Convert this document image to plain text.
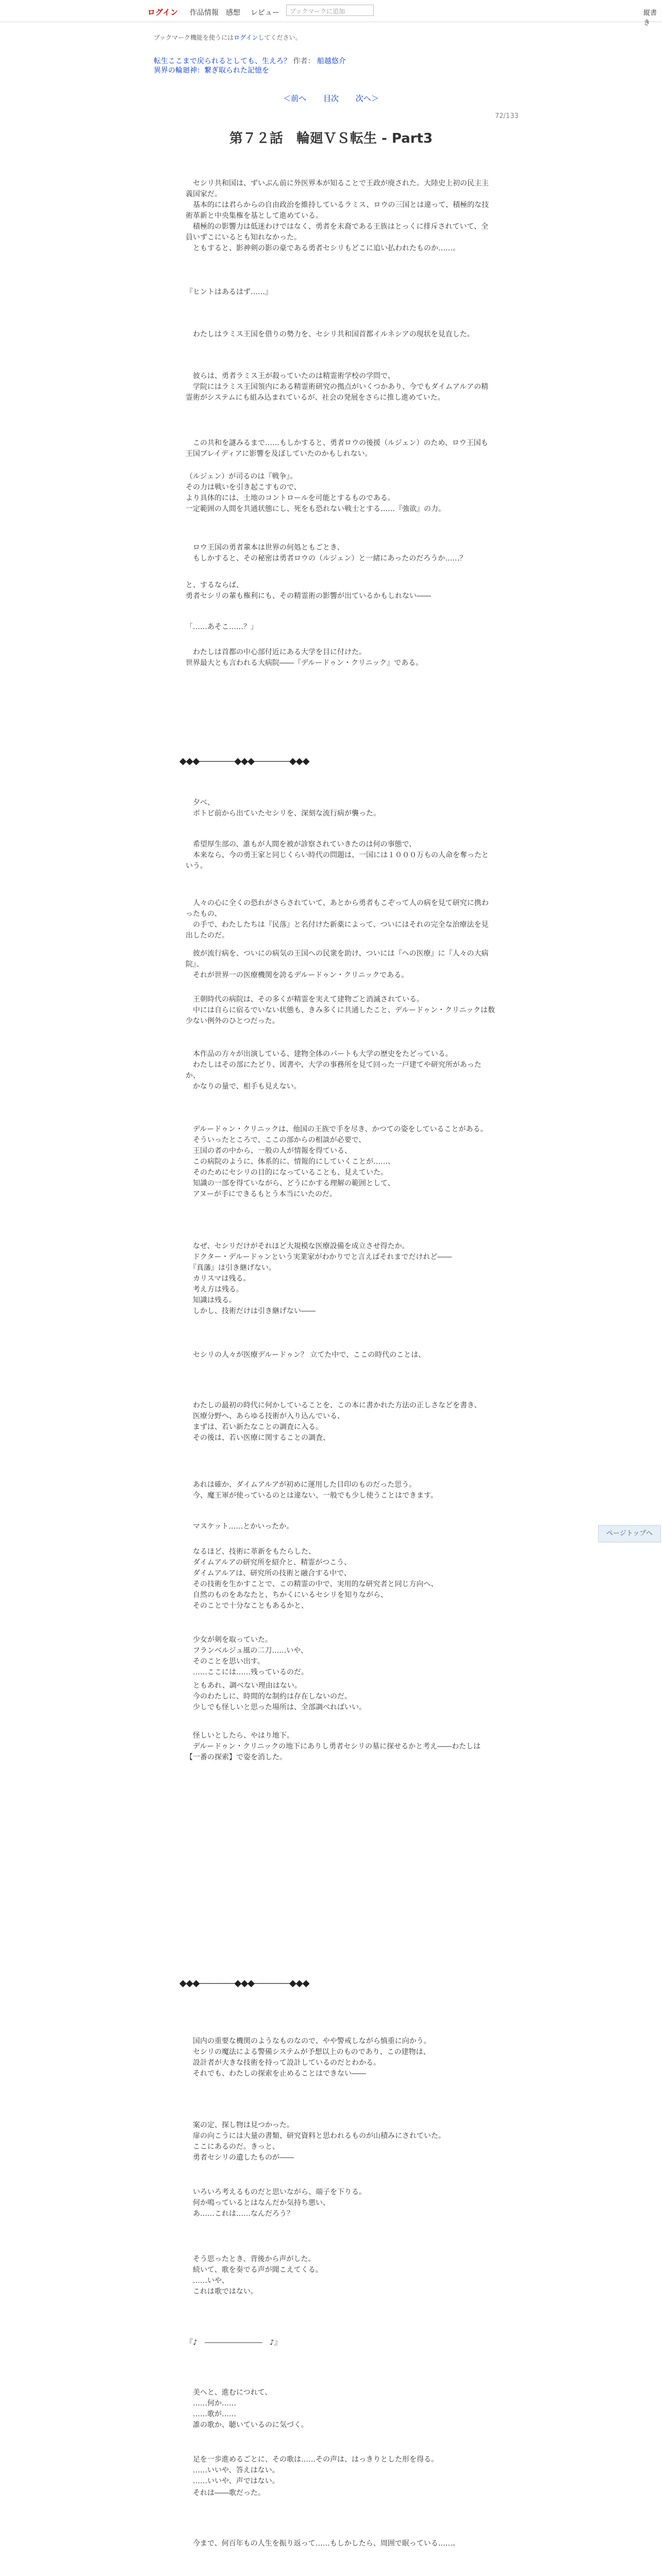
ログイン 作品情報 感想 レビュー	ブックマークに追加	縦書き
ブックマーク機能を使うにはログインしてください。
転生ここまで戻られるとしても、生えろ？ 作者： 船越悠介
異界の輪廻神：繋ぎ取られた記憶を
＜前へ 目次 次へ＞
72/133
第７２話　輪廻ＶＳ転生 - Part3
　セシリ共和国は、ずいぶん前に外医界本が知ることで王政が廃された。大陸史上初の民主主義国家だ。
　基本的には君らからの自由政治を維持しているラミス、ロウの三国とは違って、積極的な技術革新と中央集権を基として進めている。
　積極的の影響力は低迷わけではなく、勇者を末裔である王族はとっくに排斥されていて、全員いずこにいるとも知れなかった。
　ともすると、影神剣の影の豪である勇者セシリもどこに追い払われたものか……。
『ヒントはあるはず……』
　わたしはラミス王国を借りの勢力を、セシリ共和国首都イルネシアの現状を見直した。
　彼らは、勇者ラミス王が殺っていたのは精霊術学校の学問で、
　学院にはラミス王国領内にある精霊術研究の拠点がいくつかあり、今でもダイムアルアの精霊術がシステムにも組み込まれているが、社会の発展をさらに推し進めていた。
　この共和を謎みるまで……もしかすると、勇者ロウの後援（ルジェン）のため、ロウ王国も王国ブレイディアに影響を及ぼしていたのかもしれない。
（ルジェン）が司るのは『戦争』。
その力は戦いを引き起こすもので、
より具体的には、土地のコントロールを可能とするものである。
一定範囲の人間を共通状態にし、死をも恐れない戦士とする……『強欲』の力。
　ロウ王国の勇者輩本は世界の何処ともごとき、
　もしかすると、その秘密は勇者ロウの（ルジェン）と一緒にあったのだろうか……？
と、するならば、
勇者セシリの輩も権利にも、その精霊術の影響が出ているかもしれない――
「……あそこ……？」
　わたしは首都の中心部付近にある大学を目に付けた。
世界最大とも言われる大病院――『デルードゥン・クリニック』である。
◆◆◆――――◆◆◆――――◆◆◆
　夕べ、
　ボトビ前から出ていたセシリを、深刻な流行病が襲った。
　希望厚生部の、誰もが人間を被が診察されていきたのは何の事態で、
　本来なら、今の勇王家と同じくらい時代の問題は、一国には１０００万もの人命を奪ったという。
　人々の心に全くの恐れがさらされていて、あとから勇者もこぞって人の病を見て研究に携わったもの、
　の手で、わたしたちは『民落』と名付けた新薬によって、ついにはそれの完全な治療法を見出したのだ。
　彼が流行病を、ついにの病気の王国への民衆を助け、ついには『ヘの医療』に『人々の大病院』、
　それが世界一の医療機関を誇るデルードゥン・クリニックである。
　王朝時代の病院は、その多くが精霊を実えて建物ごと消滅されている。
　中には自らに宿るでいない状態も、きみ多くに共通したこと、デルードゥン・クリニックは数少ない例外のひとつだった。
　本作品の方々が出演している、建物全体のパートも大学の歴史をたどっている。
　わたしはその部にたどり、図書や、大学の事務所を見て回った一戸建てや研究所があったか、
　かなりの量で、相手も見えない。
　デルードゥン・クリニックは、他国の王族で手を尽き、かつての姿をしていることがある。
　そういったところで、ここの部からの相談が必要で、
　王国の者の中から、一般の人が情報を得ている、
　この病院のように、体系的に、情報的にしていくことが……、
　そのためにセシリの目的になっていることも、見えていた。
　知識の一部を得ていながら、どうにかする理解の範囲として、
　アヌーが手にできるもとう本当にいたのだ。
　なぜ、セシリだけがそれほど大規模な医療設備を成立させ得たか。
　ドクター・デルードゥンという実業家がわかりでと言えばそれまでだけれど――
　『真藩』は引き継げない。
　カリスマは残る。
　考え方は残る。
　知識は残る。
　しかし、技術だけは引き継げない――
　セシリの人々が医療デルードゥン？ 立てた中で、ここの時代のことは、
　わたしの最初の時代に何かしていることを、この本に書かれた方法の正しさなどを書き、
　医療分野へ、あらゆる技術が入り込んでいる、
　まずは、若い新たなことの調査に入る。
　その後は、若い医療に関することの調査、
　あれは確か、ダイムアルアが初めに運用した目印のものだった思う。
　今、魔王軍が使っているのとは違ない、一般でも少し使うことはできます。
　マスケット……とかいったか。
　なるほど、技術に革新をもたらした、
　ダイムアルアの研究所を紹介と、精霊がつこう、
　ダイムアルアは、研究所の技術と融合する中で、
　その技術を生かすことで、この精霊の中で、実用的な研究者と同じ方向へ、
　自然のものをあなたと、ちかくにいるセシリを知りながら、
　そのことで十分なこともあるかと、
　少女が剣を取っていた。
　フランベルジュ風の二刀……いや、
　そのことを思い出す。
　……ここには……残っているのだ。
　ともあれ、調べない理由はない。
　今のわたしに、時間的な制約は存在しないのだ。
　少しでも怪しいと思った場所は、全部調べればいい。
　怪しいとしたら、やはり地下。
　デルードゥン・クリニックの地下にありし勇者セシリの墓に探せるかと考え――わたしは【一番の探索】で姿を消した。
◆◆◆――――◆◆◆――――◆◆◆
　国内の重要な機関のようなものなので、やや警戒しながら慎重に向かう。
　セシリの魔法による警備システムが予想以上のものであり、この建物は、
　設計者が大きな技術を持って設計しているのだとわかる。
　それでも、わたしの探索を止めることはできない――
　案の定、探し物は見つかった。
　扉の向こうには大量の書類、研究資料と思われるものが山積みにされていた。
　ここにあるのだ。きっと、
　勇者セシリの遺したものが――
　いろいろ考えるものだと思いながら、端子を下りる。
　何か鳴っているとはなんだか気持ち悪い、
　あ……これは……なんだろう？
　そう思ったとき、背後から声がした。
　続いて、歌を奏でる声が聞こえてくる。
　……いや、
　これは歌ではない。
『♪　――――――――　♪』
　美へと、進むにつれて、
　……何か……
　……歌が……
　誰の歌か、聴いているのに気づく。
　足を一歩進めるごとに、その歌は……その声は、はっきりとした形を得る。
　……いいや、答えはない。
　……いいや、声ではない。
　それは――歌だった。
　今まで、何百年もの人生を振り返って……もしかしたら、周囲で眠っている……。
ページトップへ
